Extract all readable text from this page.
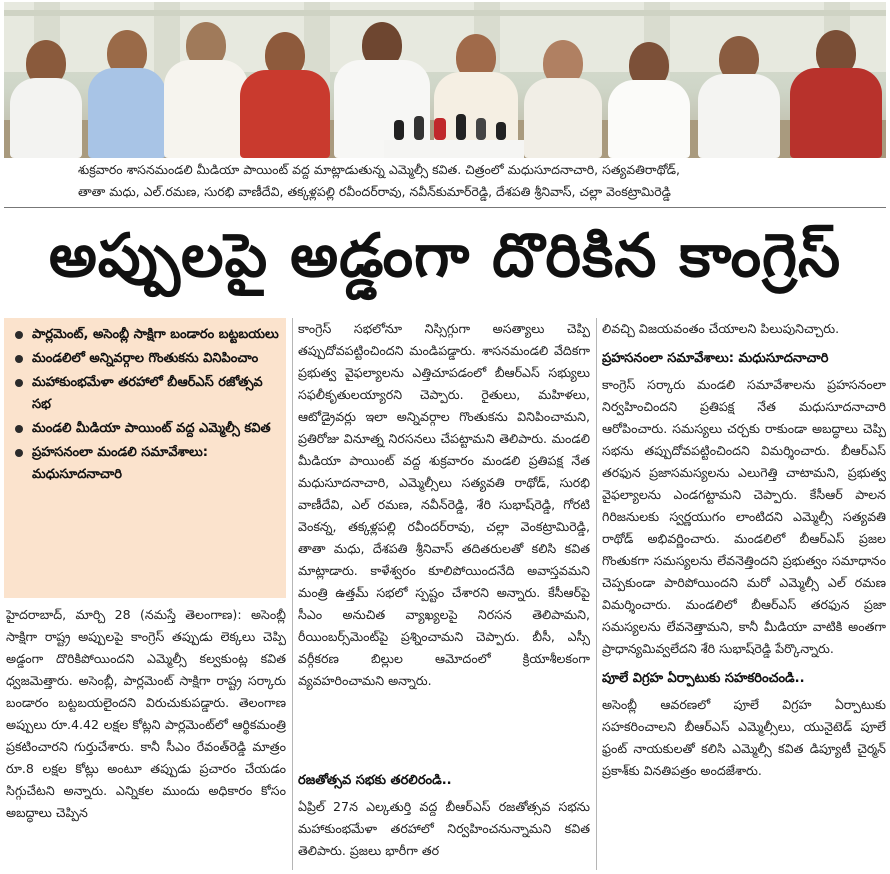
శుక్రవారం శాసనమండలి మీడియా పాయింట్ వద్ద మాట్లాడుతున్న ఎమ్మెల్సీ కవిత. చిత్రంలో మధుసూదనాచారి, సత్యవతిరాథోడ్,
తాతా మధు, ఎల్.రమణ, సురభి వాణీదేవి, తక్కళ్లపల్లి రవీందర్‌రావు, నవీన్‌కుమార్‌రెడ్డి, దేశపతి శ్రీనివాస్, చల్లా వెంకట్రామిరెడ్డి
అప్పులపై అడ్డంగా దొరికిన కాంగ్రెస్
పార్లమెంట్, అసెంబ్లీ సాక్షిగా బండారం బట్టబయలు
మండలిలో అన్నివర్గాల గొంతుకను వినిపించాం
మహాకుంభమేళా తరహాలో బీఆర్‌ఎస్ రజోత్సవ సభ
మండలి మీడియా పాయింట్ వద్ద ఎమ్మెల్సీ కవిత
ప్రహసనంలా మండలి సమావేశాలు: మధుసూదనాచారి

హైదరాబాద్, మార్చి 28 (నమస్తే తెలంగాణ): అసెంబ్లీ సాక్షిగా రాష్ట్ర అప్పులపై కాంగ్రెస్ తప్పుడు లెక్కలు చెప్పి అడ్డంగా దొరికిపోయిందని ఎమ్మెల్సీ కల్వకుంట్ల కవిత ధ్వజమెత్తారు. అసెంబ్లీ, పార్లమెంట్ సాక్షిగా రాష్ట్ర సర్కారు బండారం బట్టబయలైందని విరుచుకుపడ్డారు. తెలంగాణ అప్పులు రూ.4.42 లక్షల కోట్లని పార్లమెంట్‌లో ఆర్థికమంత్రి ప్రకటించారని గుర్తుచేశారు. కానీ సీఎం రేవంత్‌రెడ్డి మాత్రం రూ.8 లక్షల కోట్లు అంటూ తప్పుడు ప్రచారం చేయడం సిగ్గుచేటని అన్నారు. ఎన్నికల ముందు అధికారం కోసం అబద్ధాలు చెప్పిన

కాంగ్రెస్ సభలోనూ నిస్సిగ్గుగా అసత్యాలు చెప్పి తప్పుదోవపట్టించిందని మండిపడ్డారు. శాసనమండలి వేదికగా ప్రభుత్వ వైఫల్యాలను ఎత్తిచూపడంలో బీఆర్‌ఎస్ సభ్యులు సఫలీకృతులయ్యారని చెప్పారు. రైతులు, మహిళలు, ఆటోడ్రైవర్లు ఇలా అన్నివర్గాల గొంతుకను వినిపించామని, ప్రతిరోజు వినూత్న నిరసనలు చేపట్టామని తెలిపారు. మండలి మీడియా పాయింట్ వద్ద శుక్రవారం మండలి ప్రతిపక్ష నేత మధుసూదనాచారి, ఎమ్మెల్సీలు సత్యవతి రాథోడ్, సురభి వాణీదేవి, ఎల్ రమణ, నవీన్‌రెడ్డి, శేరి సుభాష్‌రెడ్డి, గోరటి వెంకన్న, తక్కళ్లపల్లి రవీందర్‌రావు, చల్లా వెంకట్రామిరెడ్డి, తాతా మధు, దేశపతి శ్రీనివాస్ తదితరులతో కలిసి కవిత మాట్లాడారు. కాళేశ్వరం కూలిపోయిందనేది అవాస్తవమని మంత్రి ఉత్తమ్ సభలో స్పష్టం చేశారని అన్నారు. కేసీఆర్‌పై సీఎం అనుచిత వ్యాఖ్యలపై నిరసన తెలిపామని, రీయింబర్స్‌మెంట్‌పై ప్రశ్నించామని చెప్పారు. బీసీ, ఎస్సీ వర్గీకరణ బిల్లుల ఆమోదంలో క్రియాశీలకంగా వ్యవహరించామని అన్నారు.

రజతోత్సవ సభకు తరలిరండి..

ఏప్రిల్ 27న ఎల్కతుర్తి వద్ద బీఆర్‌ఎస్ రజతోత్సవ సభను మహాకుంభమేళా తరహాలో నిర్వహించనున్నామని కవిత తెలిపారు. ప్రజలు భారీగా తర

లివచ్చి విజయవంతం చేయాలని పిలుపునిచ్చారు.

ప్రహసనంలా సమావేశాలు: మధుసూదనాచారి

కాంగ్రెస్ సర్కారు మండలి సమావేశాలను ప్రహసనంలా నిర్వహించిందని ప్రతిపక్ష నేత మధుసూదనాచారి ఆరోపించారు. సమస్యలు చర్చకు రాకుండా అబద్ధాలు చెప్పి సభను తప్పుదోవపట్టించిందని విమర్శించారు. బీఆర్‌ఎస్ తరఫున ప్రజాసమస్యలను ఎలుగెత్తి చాటామని, ప్రభుత్వ వైఫల్యాలను ఎండగట్టామని చెప్పారు. కేసీఆర్ పాలన గిరిజనులకు స్వర్ణయుగం లాంటిదని ఎమ్మెల్సీ సత్యవతి రాథోడ్ అభివర్ణించారు. మండలిలో బీఆర్‌ఎస్ ప్రజల గొంతుకగా సమస్యలను లేవనెత్తిందని ప్రభుత్వం సమాధానం చెప్పకుండా పారిపోయిందని మరో ఎమ్మెల్సీ ఎల్ రమణ విమర్శించారు. మండలిలో బీఆర్‌ఎస్ తరఫున ప్రజా సమస్యలను లేవనెత్తామని, కానీ మీడియా వాటికి అంతగా ప్రాధాన్యమివ్వలేదని శేరి సుభాష్‌రెడ్డి పేర్కొన్నారు.

పూలే విగ్రహ ఏర్పాటుకు సహకరించండి..

అసెంబ్లీ ఆవరణలో పూలే విగ్రహ ఏర్పాటుకు సహకరించాలని బీఆర్‌ఎస్ ఎమ్మెల్సీలు, యునైటెడ్ పూలే ఫ్రంట్ నాయకులతో కలిసి ఎమ్మెల్సీ కవిత డిప్యూటీ చైర్మన్ ప్రకాశ్‌కు వినతిపత్రం అందజేశారు.
